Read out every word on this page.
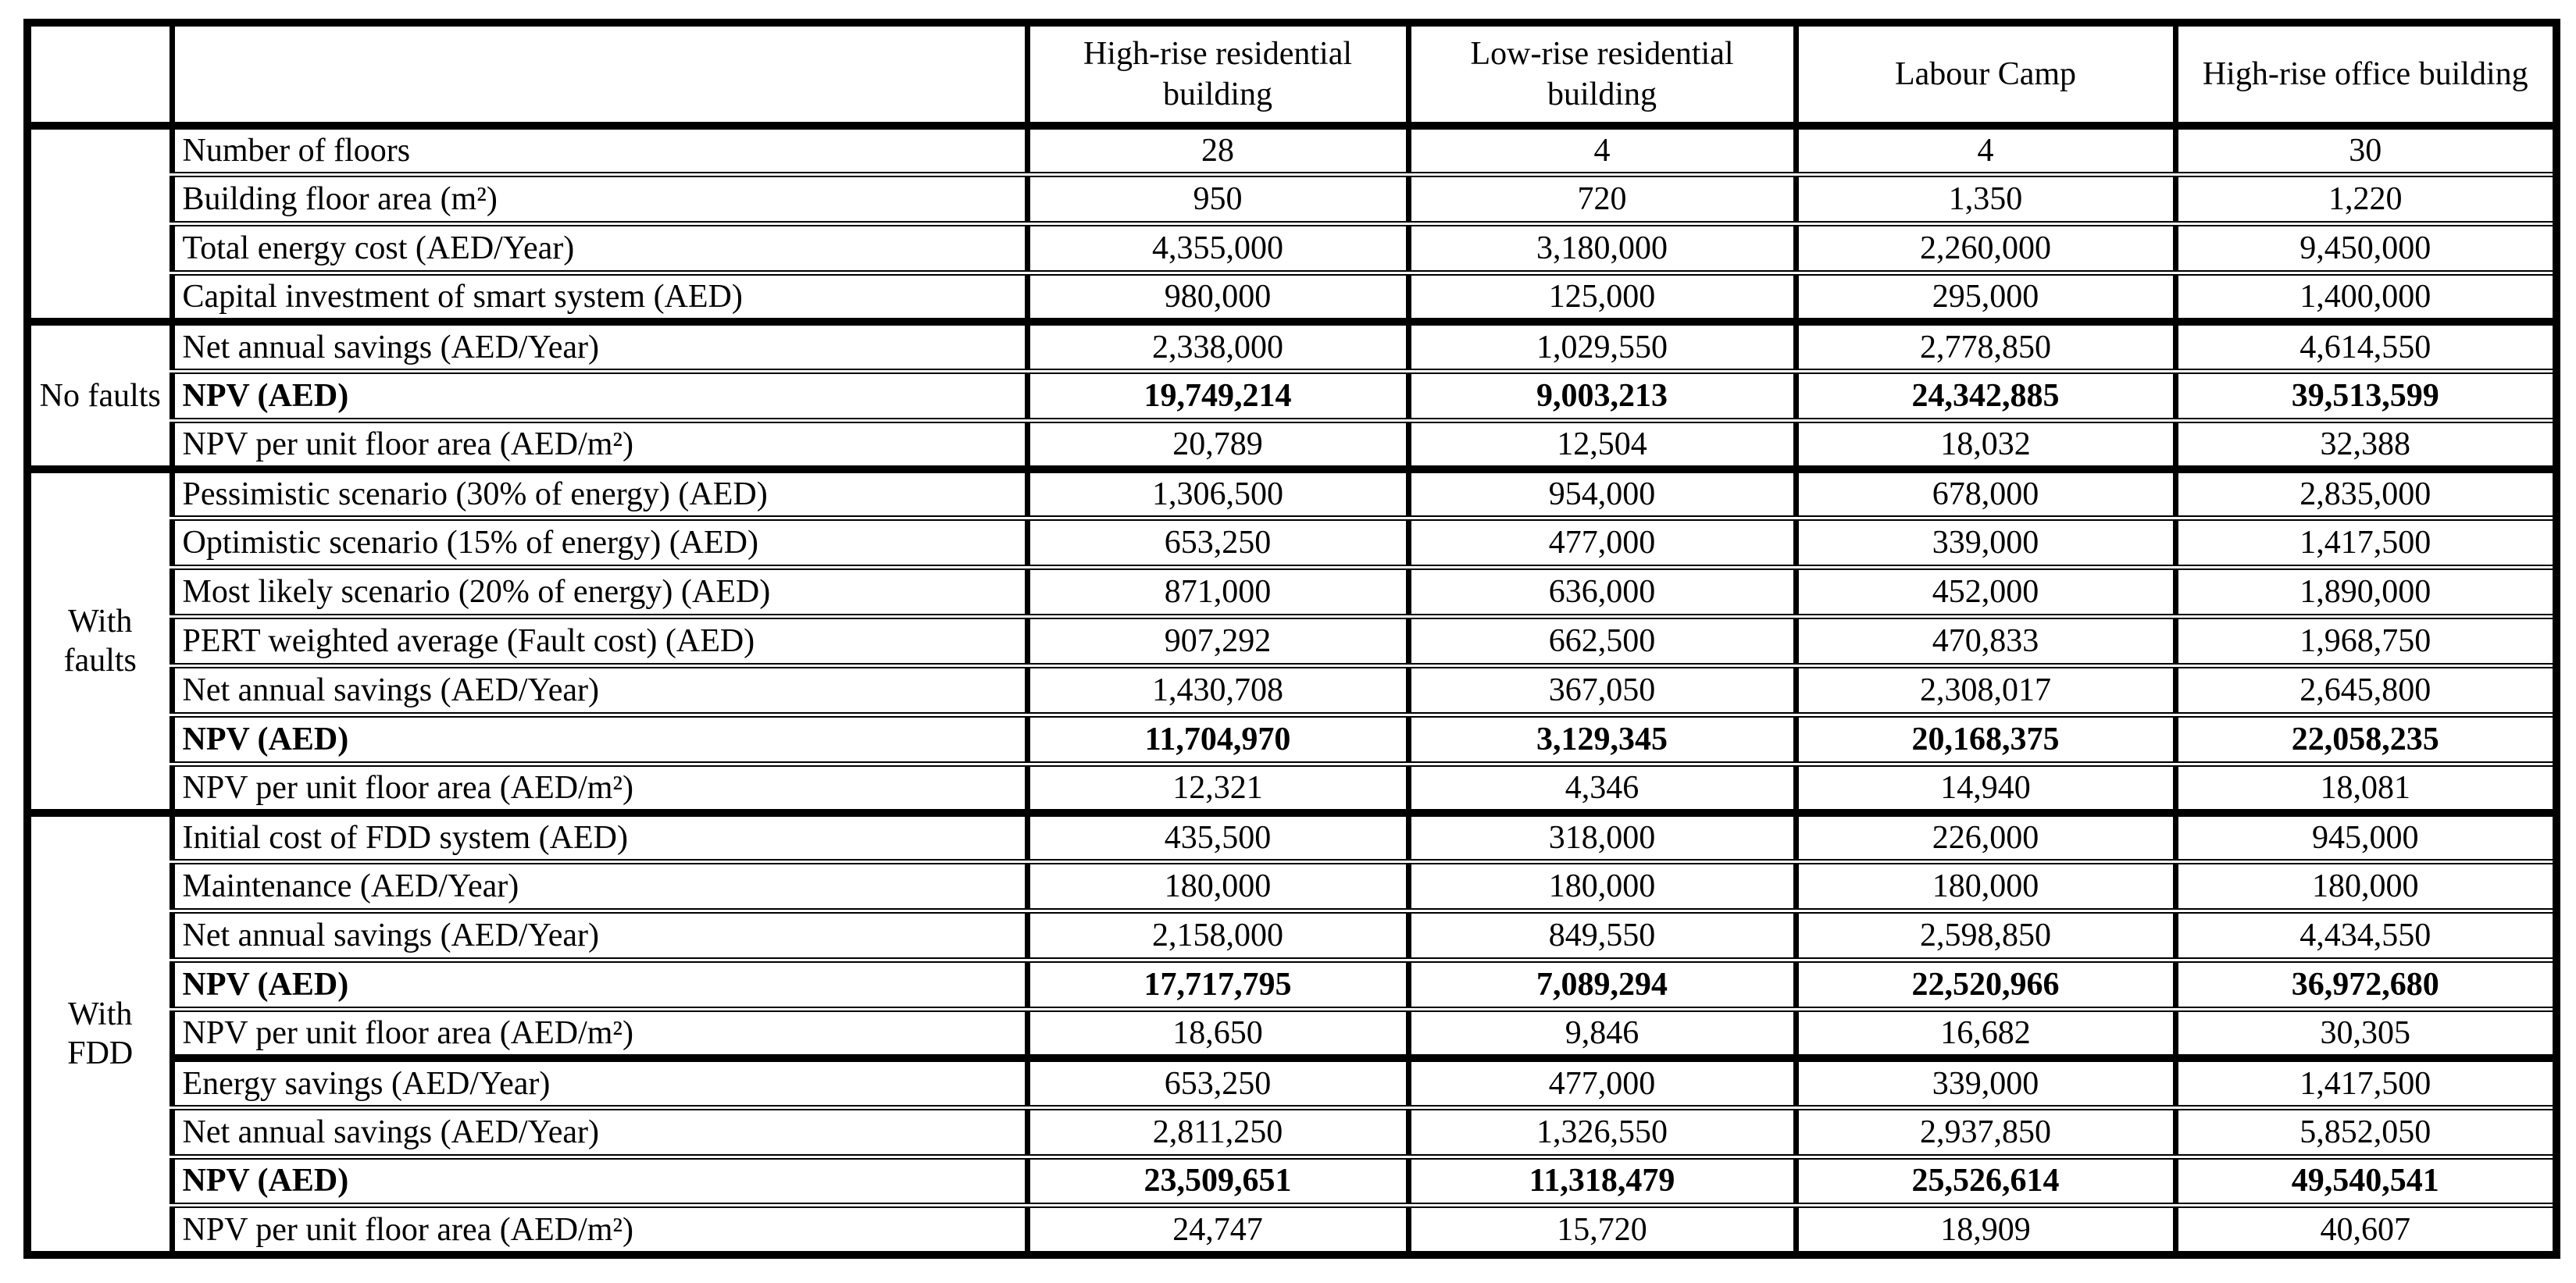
		High-rise residential building	Low-rise residential building	Labour Camp	High-rise office building
	Number of floors	28	4	4	30
	Building floor area (m²)	950	720	1,350	1,220
	Total energy cost (AED/Year)	4,355,000	3,180,000	2,260,000	9,450,000
	Capital investment of smart system (AED)	980,000	125,000	295,000	1,400,000
No faults	Net annual savings (AED/Year)	2,338,000	1,029,550	2,778,850	4,614,550
	NPV (AED)	19,749,214	9,003,213	24,342,885	39,513,599
	NPV per unit floor area (AED/m²)	20,789	12,504	18,032	32,388
With faults	Pessimistic scenario (30% of energy) (AED)	1,306,500	954,000	678,000	2,835,000
	Optimistic scenario (15% of energy) (AED)	653,250	477,000	339,000	1,417,500
	Most likely scenario (20% of energy) (AED)	871,000	636,000	452,000	1,890,000
	PERT weighted average (Fault cost) (AED)	907,292	662,500	470,833	1,968,750
	Net annual savings (AED/Year)	1,430,708	367,050	2,308,017	2,645,800
	NPV (AED)	11,704,970	3,129,345	20,168,375	22,058,235
	NPV per unit floor area (AED/m²)	12,321	4,346	14,940	18,081
With FDD	Initial cost of FDD system (AED)	435,500	318,000	226,000	945,000
	Maintenance (AED/Year)	180,000	180,000	180,000	180,000
	Net annual savings (AED/Year)	2,158,000	849,550	2,598,850	4,434,550
	NPV (AED)	17,717,795	7,089,294	22,520,966	36,972,680
	NPV per unit floor area (AED/m²)	18,650	9,846	16,682	30,305
	Energy savings (AED/Year)	653,250	477,000	339,000	1,417,500
	Net annual savings (AED/Year)	2,811,250	1,326,550	2,937,850	5,852,050
	NPV (AED)	23,509,651	11,318,479	25,526,614	49,540,541
	NPV per unit floor area (AED/m²)	24,747	15,720	18,909	40,607
